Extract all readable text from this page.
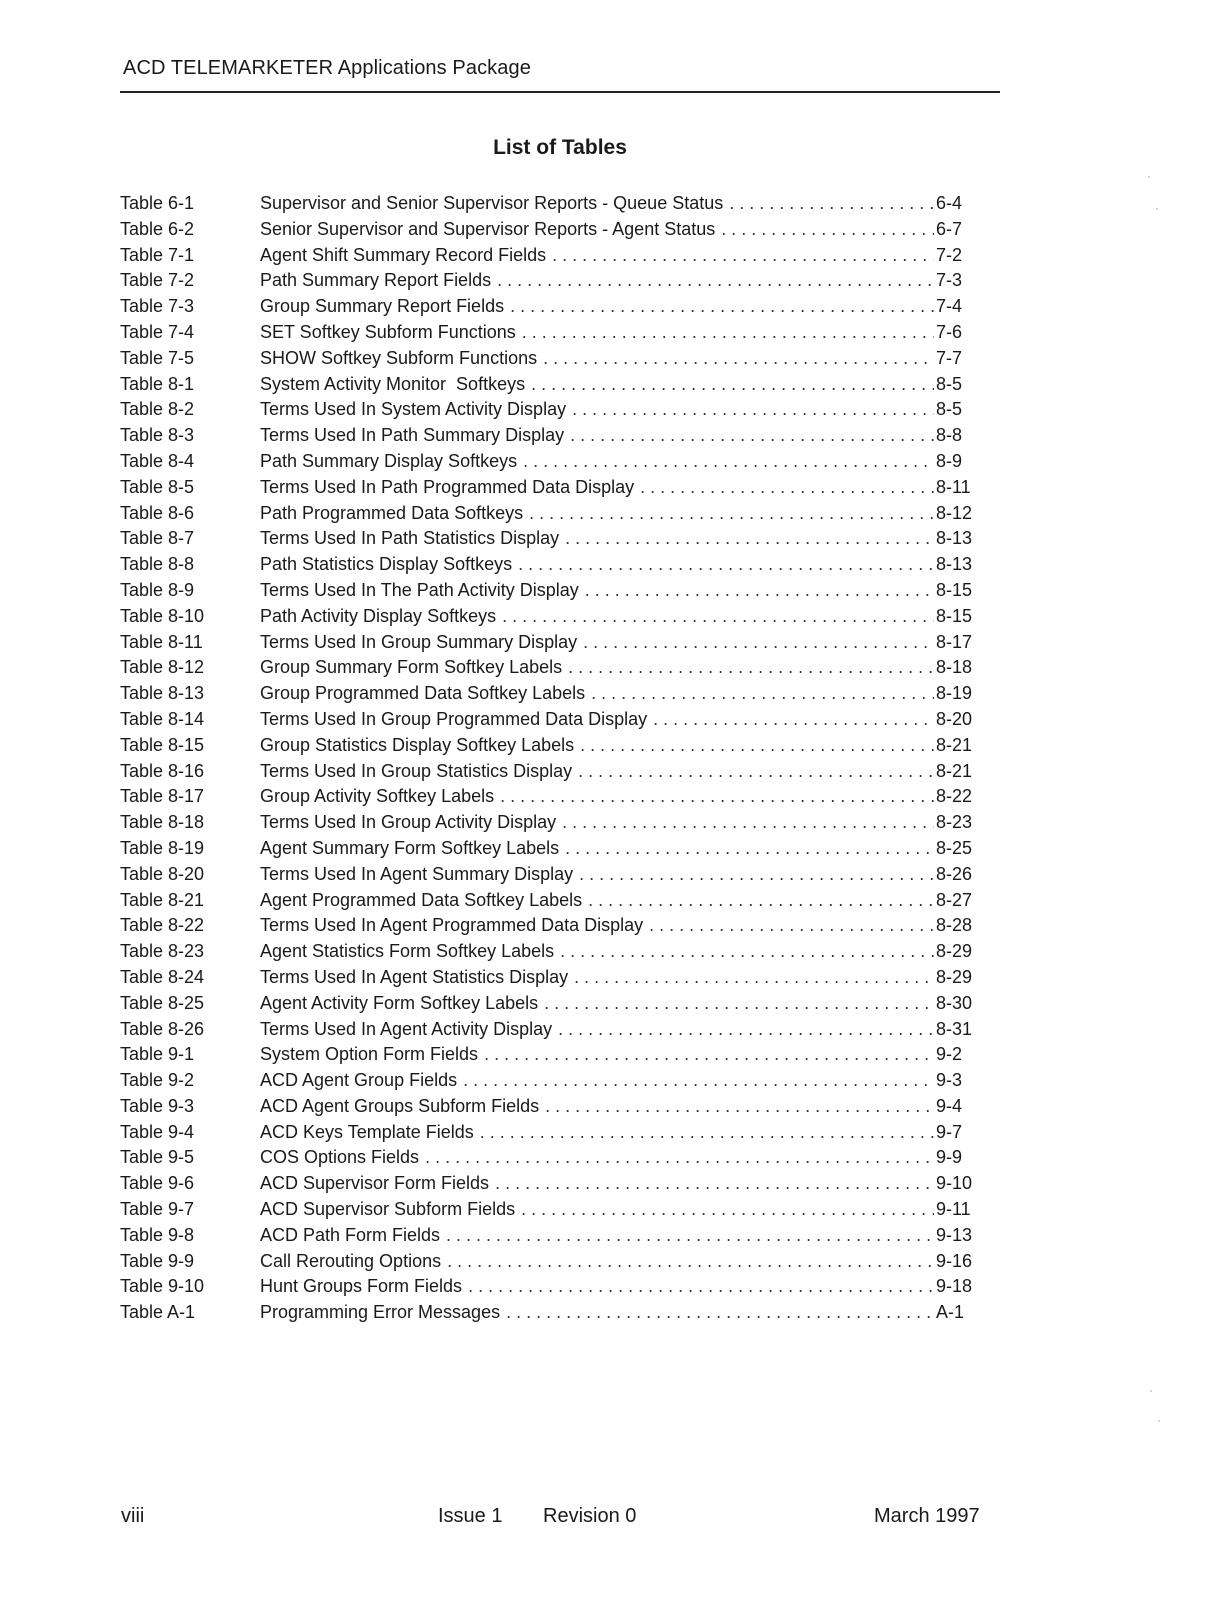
ACD TELEMARKETER Applications Package
List of Tables
Table 6-1	Supervisor and Senior Supervisor Reports - Queue Status . . .	6-4
Table 6-2	Senior Supervisor and Supervisor Reports - Agent Status . . .	6-7
Table 7-1	Agent Shift Summary Record Fields . . .	7-2
Table 7-2	Path Summary Report Fields . . .	7-3
Table 7-3	Group Summary Report Fields . . .	7-4
Table 7-4	SET Softkey Subform Functions . . .	7-6
Table 7-5	SHOW Softkey Subform Functions . . .	7-7
Table 8-1	System Activity Monitor  Softkeys . . .	8-5
Table 8-2	Terms Used In System Activity Display . . .	8-5
Table 8-3	Terms Used In Path Summary Display . . .	8-8
Table 8-4	Path Summary Display Softkeys . . .	8-9
Table 8-5	Terms Used In Path Programmed Data Display . . .	8-11
Table 8-6	Path Programmed Data Softkeys . . .	8-12
Table 8-7	Terms Used In Path Statistics Display . . .	8-13
Table 8-8	Path Statistics Display Softkeys . . .	8-13
Table 8-9	Terms Used In The Path Activity Display . . .	8-15
Table 8-10	Path Activity Display Softkeys . . .	8-15
Table 8-11	Terms Used In Group Summary Display . . .	8-17
Table 8-12	Group Summary Form Softkey Labels . . .	8-18
Table 8-13	Group Programmed Data Softkey Labels . . .	8-19
Table 8-14	Terms Used In Group Programmed Data Display . . .	8-20
Table 8-15	Group Statistics Display Softkey Labels . . .	8-21
Table 8-16	Terms Used In Group Statistics Display . . .	8-21
Table 8-17	Group Activity Softkey Labels . . .	8-22
Table 8-18	Terms Used In Group Activity Display . . .	8-23
Table 8-19	Agent Summary Form Softkey Labels . . .	8-25
Table 8-20	Terms Used In Agent Summary Display . . .	8-26
Table 8-21	Agent Programmed Data Softkey Labels . . .	8-27
Table 8-22	Terms Used In Agent Programmed Data Display . . .	8-28
Table 8-23	Agent Statistics Form Softkey Labels . . .	8-29
Table 8-24	Terms Used In Agent Statistics Display . . .	8-29
Table 8-25	Agent Activity Form Softkey Labels . . .	8-30
Table 8-26	Terms Used In Agent Activity Display . . .	8-31
Table 9-1	System Option Form Fields . . .	9-2
Table 9-2	ACD Agent Group Fields . . .	9-3
Table 9-3	ACD Agent Groups Subform Fields . . .	9-4
Table 9-4	ACD Keys Template Fields . . .	9-7
Table 9-5	COS Options Fields . . .	9-9
Table 9-6	ACD Supervisor Form Fields . . .	9-10
Table 9-7	ACD Supervisor Subform Fields . . .	9-11
Table 9-8	ACD Path Form Fields . . .	9-13
Table 9-9	Call Rerouting Options . . .	9-16
Table 9-10	Hunt Groups Form Fields . . .	9-18
Table A-1	Programming Error Messages . . .	A-1
viii	Issue 1 Revision 0	March 1997
